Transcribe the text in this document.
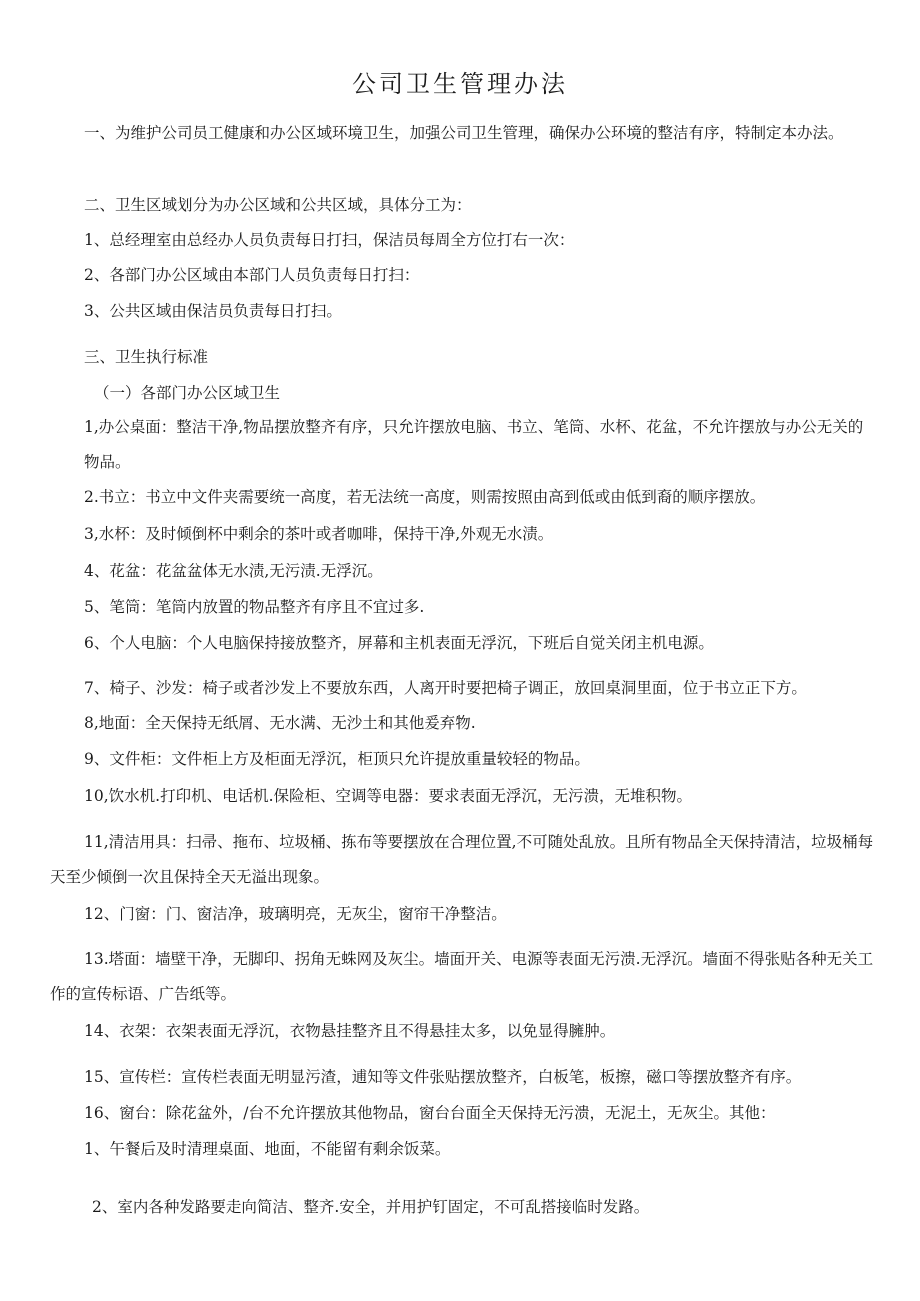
公司卫生管理办法
一、为维护公司员工健康和办公区域环境卫生，加强公司卫生管理，确保办公环境的整洁有序，特制定本办法。
二、卫生区域划分为办公区域和公共区域，具体分工为：
1、总经理室由总经办人员负责每日打扫，保洁员每周全方位打右一次：
2、各部门办公区域由本部门人员负责每日打扫：
3、公共区域由保洁员负责每日打扫。
三、卫生执行标准
（一）各部门办公区域卫生
1,办公桌面：整洁干净,物品摆放整齐有序，只允许摆放电脑、书立、笔筒、水杯、花盆，不允许摆放与办公无关的物品。
2.书立：书立中文件夹需要统一高度，若无法统一高度，则需按照由高到低或由低到裔的顺序摆放。
3,水杯：及时倾倒杯中剩余的茶叶或者咖啡，保持干净,外观无水渍。
4、花盆：花盆盆体无水渍,无污渍.无浮沉。
5、笔筒：笔筒内放置的物品整齐有序且不宜过多.
6、个人电脑：个人电脑保持接放整齐，屏幕和主机表面无浮沉，下班后自觉关闭主机电源。
7、椅子、沙发：椅子或者沙发上不要放东西，人离开时要把椅子调正，放回桌洞里面，位于书立正下方。
8,地面：全天保持无纸屑、无水满、无沙土和其他爰弃物.
9、文件柜：文件柜上方及柜面无浮沉，柜顶只允许提放重量较轻的物品。
10,饮水机.打印机、电话机.保险柜、空调等电器：要求表面无浮沉，无污溃，无堆积物。
11,清洁用具：扫帚、拖布、垃圾桶、拣布等要摆放在合理位置,不可随处乱放。且所有物品全天保持清洁，垃圾桶每天至少倾倒一次且保持全天无溢出现象。
12、门窗：门、窗洁净，玻璃明亮，无灰尘，窗帘干净整洁。
13.塔面：墙壁干净，无脚印、拐角无蛛网及灰尘。墙面开关、电源等表面无污溃.无浮沉。墙面不得张贴各种无关工作的宣传标语、广告纸等。
14、衣架：衣架表面无浮沉，衣物悬挂整齐且不得悬挂太多，以免显得臃肿。
15、宣传栏：宣传栏表面无明显污渣，逋知等文件张贴摆放整齐，白板笔，板擦，磁口等摆放整齐有序。
16、窗台：除花盆外，/台不允许摆放其他物品，窗台台面全天保持无污溃，无泥土，无灰尘。其他：
1、午餐后及时清理桌面、地面，不能留有剩余饭菜。
2、室内各种发路要走向简洁、整齐.安全，并用护钉固定，不可乱搭接临时发路。
